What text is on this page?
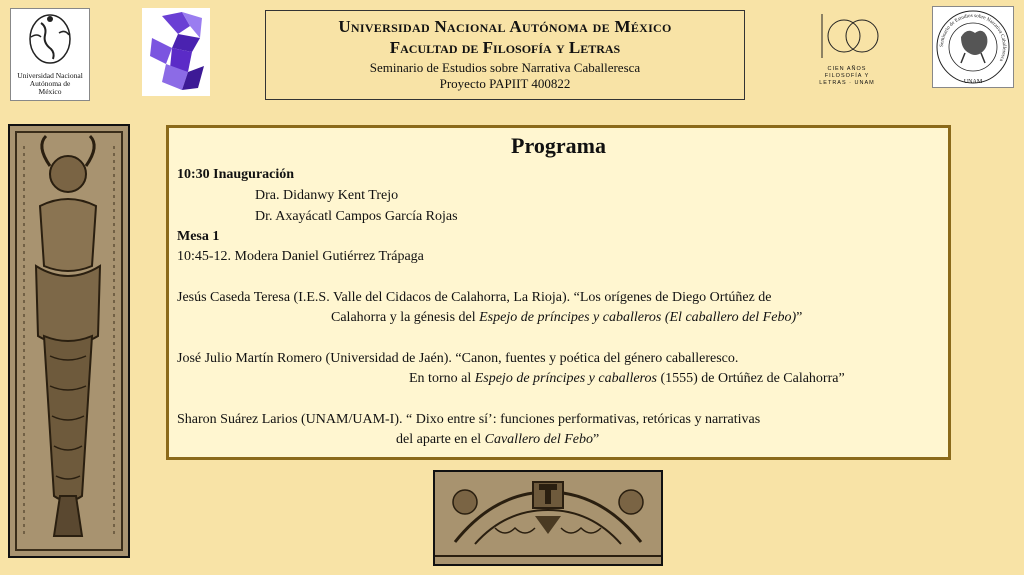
Universidad Nacional
Autónoma de
México
Universidad Nacional Autónoma de México
Facultad de Filosofía y Letras
Seminario de Estudios sobre Narrativa Caballeresca
Proyecto PAPIIT 400822
CIEN AÑOS
FILOSOFÍA Y
LETRAS · UNAM
Seminario de Estudios sobre Narrativa Caballeresca
UNAM
Programa
10:30 Inauguración
Dra. Didanwy Kent Trejo
Dr. Axayácatl Campos García Rojas
Mesa 1
10:45-12. Modera Daniel Gutiérrez Trápaga
Jesús Caseda Teresa (I.E.S. Valle del Cidacos de Calahorra, La Rioja). “Los orígenes de Diego Ortúñez de
Calahorra y la génesis del Espejo de príncipes y caballeros (El caballero del Febo)”
José Julio Martín Romero (Universidad de Jaén). “Canon, fuentes y poética del género caballeresco.
En torno al Espejo de príncipes y caballeros (1555) de Ortúñez de Calahorra”
Sharon Suárez Larios (UNAM/UAM-I). “ Dixo entre sí’: funciones performativas, retóricas y narrativas
del aparte en el Cavallero del Febo”
